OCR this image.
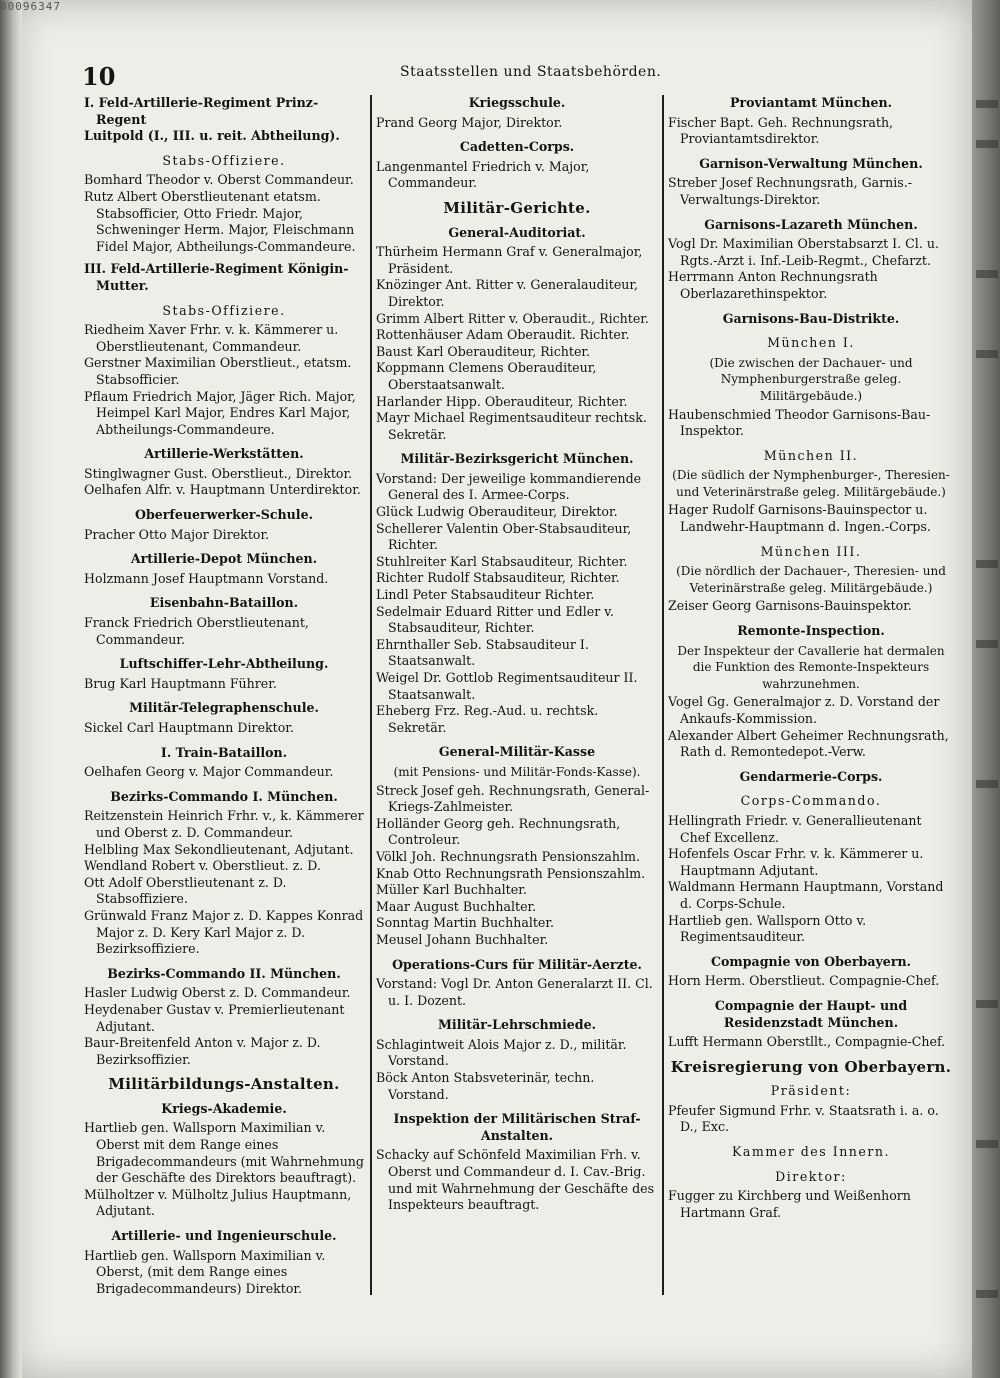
00096347
10	Staatsstellen und Staatsbehörden.

I. Feld-Artillerie-Regiment Prinz-Regent

Luitpold (I., III. u. reit. Abtheilung).

Stabs-Offiziere.

Bomhard Theodor v. Oberst Commandeur.

Rutz Albert Oberstlieutenant etatsm. Stabsofficier, Otto Friedr. Major, Schweninger Herm. Major, Fleischmann Fidel Major, Abtheilungs-Commandeure.

III. Feld-Artillerie-Regiment Königin-Mutter.

Stabs-Offiziere.

Riedheim Xaver Frhr. v. k. Kämmerer u. Oberstlieutenant, Commandeur.

Gerstner Maximilian Oberstlieut., etatsm. Stabsofficier.

Pflaum Friedrich Major, Jäger Rich. Major, Heimpel Karl Major, Endres Karl Major, Abtheilungs-Commandeure.

Artillerie-Werkstätten.

Stinglwagner Gust. Oberstlieut., Direktor.

Oelhafen Alfr. v. Hauptmann Unterdirektor.

Oberfeuerwerker-Schule.

Pracher Otto Major Direktor.

Artillerie-Depot München.

Holzmann Josef Hauptmann Vorstand.

Eisenbahn-Bataillon.

Franck Friedrich Oberstlieutenant, Commandeur.

Luftschiffer-Lehr-Abtheilung.

Brug Karl Hauptmann Führer.

Militär-Telegraphenschule.

Sickel Carl Hauptmann Direktor.

I. Train-Bataillon.

Oelhafen Georg v. Major Commandeur.

Bezirks-Commando I. München.

Reitzenstein Heinrich Frhr. v., k. Kämmerer und Oberst z. D. Commandeur.

Helbling Max Sekondlieutenant, Adjutant.

Wendland Robert v. Oberstlieut. z. D.

Ott Adolf Oberstlieutenant z. D. Stabsoffiziere.

Grünwald Franz Major z. D. Kappes Konrad Major z. D. Kery Karl Major z. D. Bezirksoffiziere.

Bezirks-Commando II. München.

Hasler Ludwig Oberst z. D. Commandeur.

Heydenaber Gustav v. Premierlieutenant Adjutant.

Baur-Breitenfeld Anton v. Major z. D. Bezirksoffizier.

Militärbildungs-Anstalten.
Kriegs-Akademie.

Hartlieb gen. Wallsporn Maximilian v. Oberst mit dem Range eines Brigadecommandeurs (mit Wahrnehmung der Geschäfte des Direktors beauftragt).

Mülholtzer v. Mülholtz Julius Hauptmann, Adjutant.

Artillerie- und Ingenieurschule.

Hartlieb gen. Wallsporn Maximilian v. Oberst, (mit dem Range eines Brigadecommandeurs) Direktor.

Kriegsschule.

Prand Georg Major, Direktor.

Cadetten-Corps.

Langenmantel Friedrich v. Major, Commandeur.

Militär-Gerichte.
General-Auditoriat.

Thürheim Hermann Graf v. Generalmajor, Präsident.

Knözinger Ant. Ritter v. Generalauditeur, Direktor.

Grimm Albert Ritter v. Oberaudit., Richter.

Rottenhäuser Adam Oberaudit. Richter.

Baust Karl Oberauditeur, Richter.

Koppmann Clemens Oberauditeur, Oberstaatsanwalt.

Harlander Hipp. Oberauditeur, Richter.

Mayr Michael Regimentsauditeur rechtsk. Sekretär.

Militär-Bezirksgericht München.

Vorstand: Der jeweilige kommandierende General des I. Armee-Corps.

Glück Ludwig Oberauditeur, Direktor.

Schellerer Valentin Ober-Stabsauditeur, Richter.

Stuhlreiter Karl Stabsauditeur, Richter.

Richter Rudolf Stabsauditeur, Richter.

Lindl Peter Stabsauditeur Richter.

Sedelmair Eduard Ritter und Edler v. Stabsauditeur, Richter.

Ehrnthaller Seb. Stabsauditeur I. Staatsanwalt.

Weigel Dr. Gottlob Regimentsauditeur II. Staatsanwalt.

Eheberg Frz. Reg.-Aud. u. rechtsk. Sekretär.

General-Militär-Kasse
(mit Pensions- und Militär-Fonds-Kasse).

Streck Josef geh. Rechnungsrath, General-Kriegs-Zahlmeister.

Holländer Georg geh. Rechnungsrath, Controleur.

Völkl Joh. Rechnungsrath Pensionszahlm.

Knab Otto Rechnungsrath Pensionszahlm.

Müller Karl Buchhalter.

Maar August Buchhalter.

Sonntag Martin Buchhalter.

Meusel Johann Buchhalter.

Operations-Curs für Militär-Aerzte.

Vorstand: Vogl Dr. Anton Generalarzt II. Cl. u. I. Dozent.

Militär-Lehrschmiede.

Schlagintweit Alois Major z. D., militär. Vorstand.

Böck Anton Stabsveterinär, techn. Vorstand.

Inspektion der Militärischen Straf-Anstalten.

Schacky auf Schönfeld Maximilian Frh. v. Oberst und Commandeur d. I. Cav.-Brig. und mit Wahrnehmung der Geschäfte des Inspekteurs beauftragt.

Proviantamt München.

Fischer Bapt. Geh. Rechnungsrath, Proviantamtsdirektor.

Garnison-Verwaltung München.

Streber Josef Rechnungsrath, Garnis.-Verwaltungs-Direktor.

Garnisons-Lazareth München.

Vogl Dr. Maximilian Oberstabsarzt I. Cl. u. Rgts.-Arzt i. Inf.-Leib-Regmt., Chefarzt.

Herrmann Anton Rechnungsrath Oberlazarethinspektor.

Garnisons-Bau-Distrikte.
München I.
(Die zwischen der Dachauer- und Nymphenburgerstraße geleg. Militärgebäude.)

Haubenschmied Theodor Garnisons-Bau-Inspektor.

München II.
(Die südlich der Nymphenburger-, Theresien- und Veterinärstraße geleg. Militärgebäude.)

Hager Rudolf Garnisons-Bauinspector u. Landwehr-Hauptmann d. Ingen.-Corps.

München III.
(Die nördlich der Dachauer-, Theresien- und Veterinärstraße geleg. Militärgebäude.)

Zeiser Georg Garnisons-Bauinspektor.

Remonte-Inspection.
Der Inspekteur der Cavallerie hat dermalen die Funktion des Remonte-Inspekteurs wahrzunehmen.

Vogel Gg. Generalmajor z. D. Vorstand der Ankaufs-Kommission.

Alexander Albert Geheimer Rechnungsrath, Rath d. Remontedepot.-Verw.

Gendarmerie-Corps.
Corps-Commando.

Hellingrath Friedr. v. Generallieutenant Chef Excellenz.

Hofenfels Oscar Frhr. v. k. Kämmerer u. Hauptmann Adjutant.

Waldmann Hermann Hauptmann, Vorstand d. Corps-Schule.

Hartlieb gen. Wallsporn Otto v. Regimentsauditeur.

Compagnie von Oberbayern.

Horn Herm. Oberstlieut. Compagnie-Chef.

Compagnie der Haupt- und Residenzstadt München.

Lufft Hermann Oberstllt., Compagnie-Chef.

Kreisregierung von Oberbayern.
Präsident:

Pfeufer Sigmund Frhr. v. Staatsrath i. a. o. D., Exc.

Kammer des Innern.
Direktor:

Fugger zu Kirchberg und Weißenhorn Hartmann Graf.
